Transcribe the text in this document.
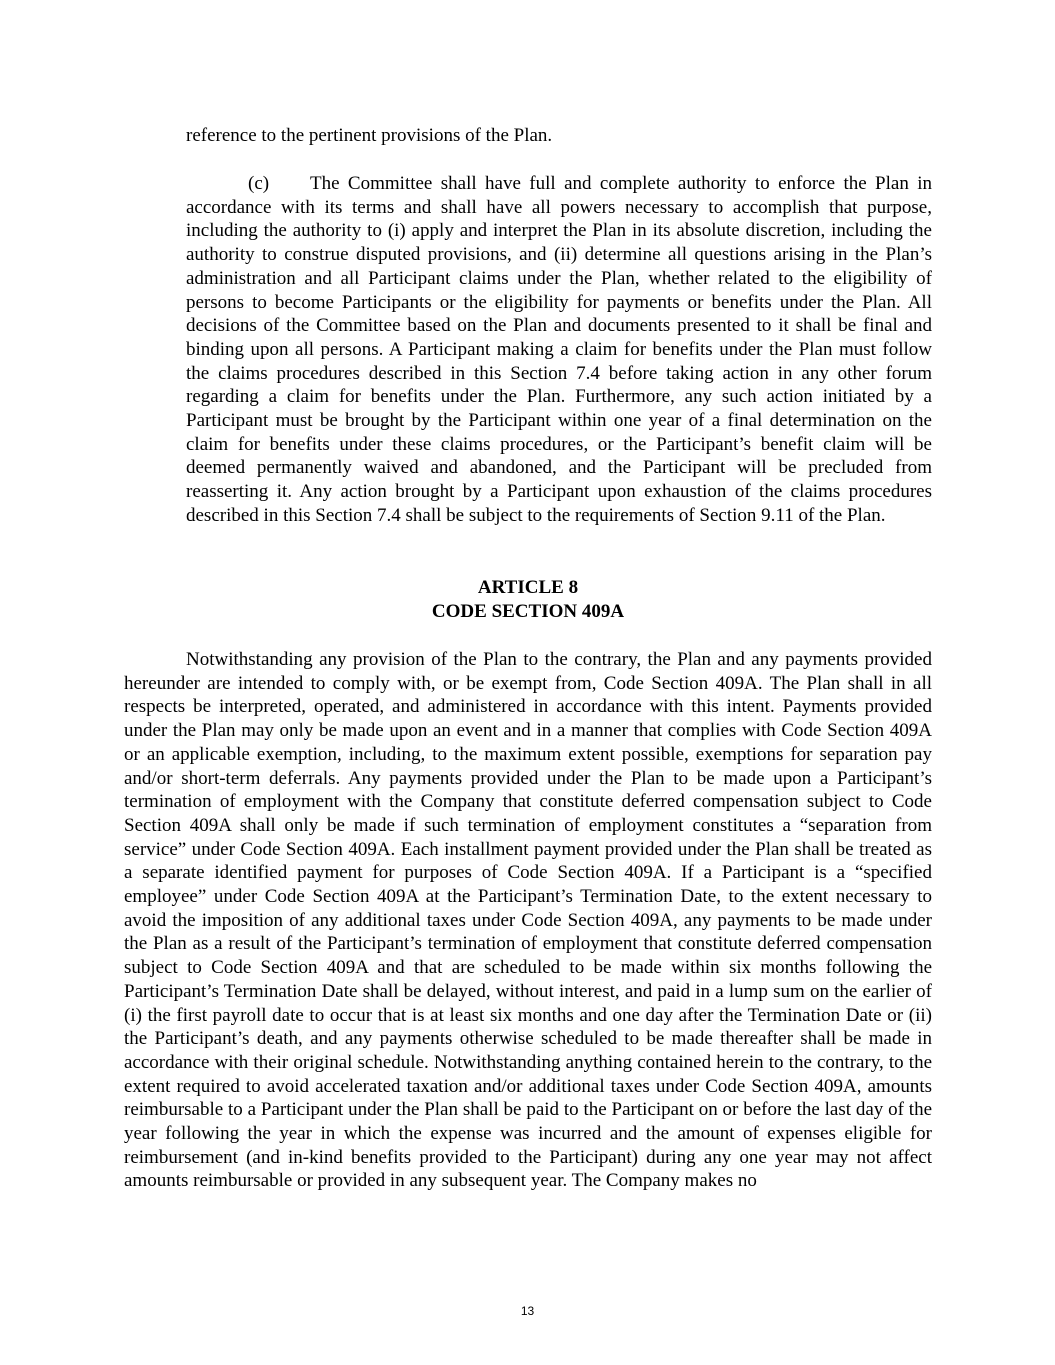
reference to the pertinent provisions of the Plan.

(c) The Committee shall have full and complete authority to enforce the Plan in accordance with its terms and shall have all powers necessary to accomplish that purpose, including the authority to (i) apply and interpret the Plan in its absolute discretion, including the authority to construe disputed provisions, and (ii) determine all questions arising in the Plan’s administration and all Participant claims under the Plan, whether related to the eligibility of persons to become Participants or the eligibility for payments or benefits under the Plan. All decisions of the Committee based on the Plan and documents presented to it shall be final and binding upon all persons. A Participant making a claim for benefits under the Plan must follow the claims procedures described in this Section 7.4 before taking action in any other forum regarding a claim for benefits under the Plan. Furthermore, any such action initiated by a Participant must be brought by the Participant within one year of a final determination on the claim for benefits under these claims procedures, or the Participant’s benefit claim will be deemed permanently waived and abandoned, and the Participant will be precluded from reasserting it. Any action brought by a Participant upon exhaustion of the claims procedures described in this Section 7.4 shall be subject to the requirements of Section 9.11 of the Plan.

ARTICLE 8
CODE SECTION 409A

Notwithstanding any provision of the Plan to the contrary, the Plan and any payments provided hereunder are intended to comply with, or be exempt from, Code Section 409A. The Plan shall in all respects be interpreted, operated, and administered in accordance with this intent. Payments provided under the Plan may only be made upon an event and in a manner that complies with Code Section 409A or an applicable exemption, including, to the maximum extent possible, exemptions for separation pay and/or short-term deferrals. Any payments provided under the Plan to be made upon a Participant’s termination of employment with the Company that constitute deferred compensation subject to Code Section 409A shall only be made if such termination of employment constitutes a “separation from service” under Code Section 409A. Each installment payment provided under the Plan shall be treated as a separate identified payment for purposes of Code Section 409A. If a Participant is a “specified employee” under Code Section 409A at the Participant’s Termination Date, to the extent necessary to avoid the imposition of any additional taxes under Code Section 409A, any payments to be made under the Plan as a result of the Participant’s termination of employment that constitute deferred compensation subject to Code Section 409A and that are scheduled to be made within six months following the Participant’s Termination Date shall be delayed, without interest, and paid in a lump sum on the earlier of (i) the first payroll date to occur that is at least six months and one day after the Termination Date or (ii) the Participant’s death, and any payments otherwise scheduled to be made thereafter shall be made in accordance with their original schedule. Notwithstanding anything contained herein to the contrary, to the extent required to avoid accelerated taxation and/or additional taxes under Code Section 409A, amounts reimbursable to a Participant under the Plan shall be paid to the Participant on or before the last day of the year following the year in which the expense was incurred and the amount of expenses eligible for reimbursement (and in-kind benefits provided to the Participant) during any one year may not affect amounts reimbursable or provided in any subsequent year. The Company makes no

13
